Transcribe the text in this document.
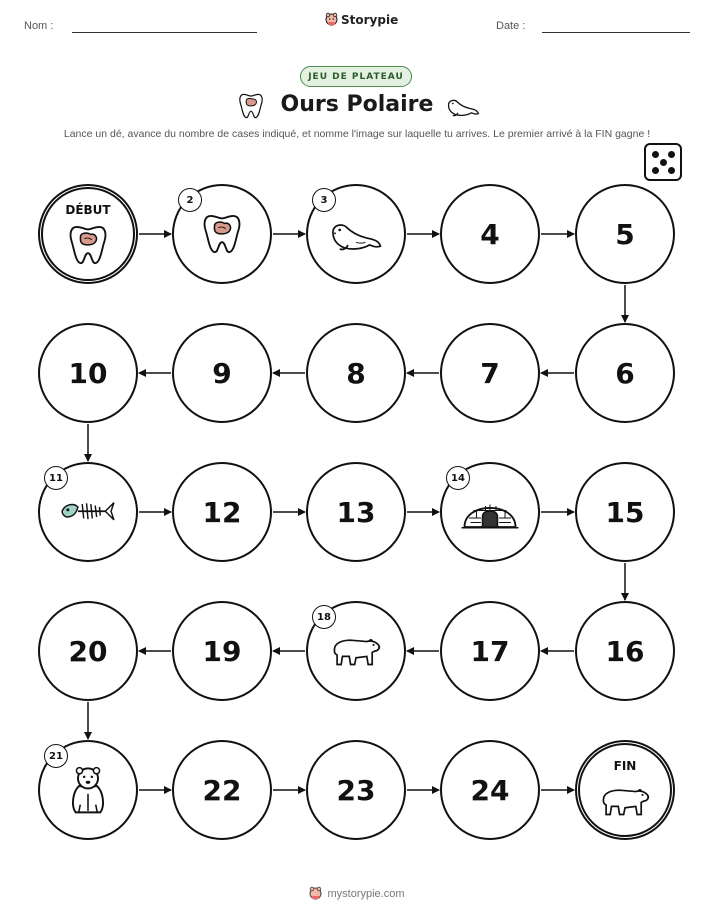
Nom :	Storypie	Date :
JEU DE PLATEAU
Ours Polaire
Lance un dé, avance du nombre de cases indiqué, et nomme l'image sur laquelle tu arrives. Le premier arrivé à la FIN gagne !
DÉBUT
2	3
4	5
6
7
8
9
10
11
12	13
14
15
16
17
18
19
20
21
22	23	24
FIN
mystorypie.com
